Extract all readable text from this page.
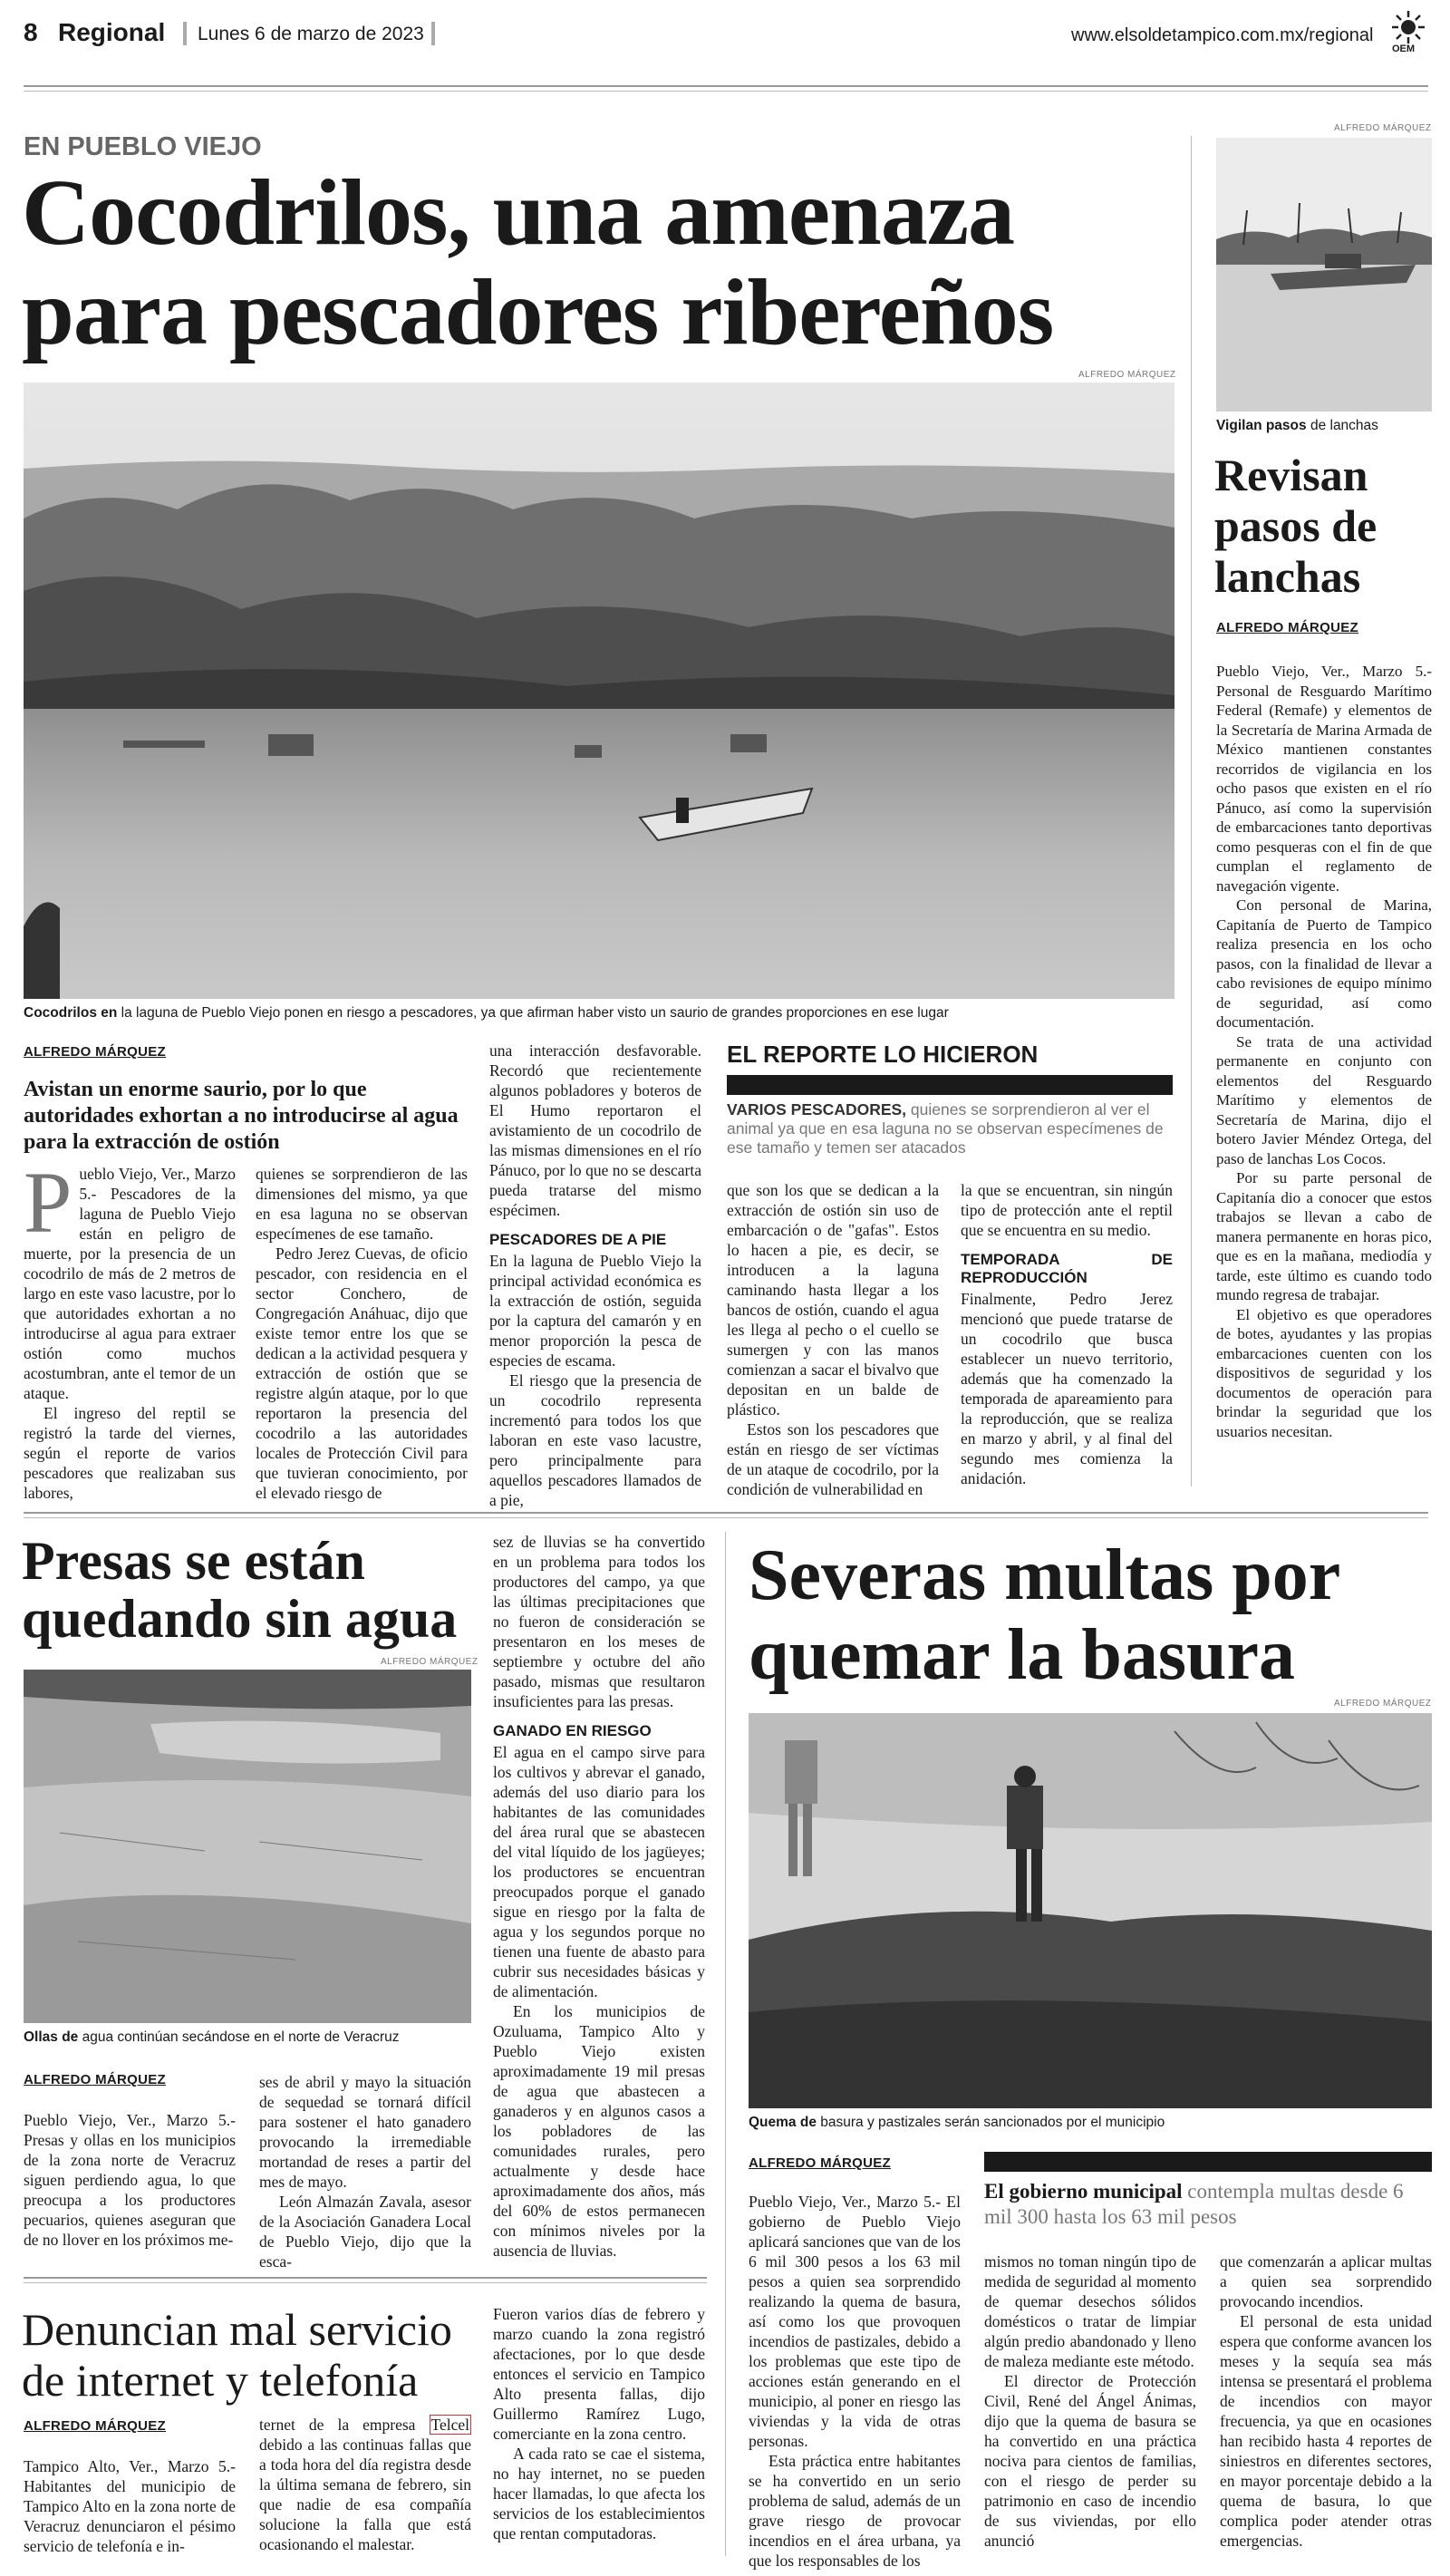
8 Regional Lunes 6 de marzo de 2023	www.elsoldetampico.com.mx/regional
OEM
EN PUEBLO VIEJO
Cocodrilos, una amenaza
para pescadores ribereños
ALFREDO MÁRQUEZ
Cocodrilos en la laguna de Pueblo Viejo ponen en riesgo a pescadores, ya que afirman haber visto un saurio de grandes proporciones en ese lugar
ALFREDO MÁRQUEZ
Avistan un enorme saurio, por lo que autoridades exhortan a no introducirse al agua para la extracción de ostión

Pueblo Viejo, Ver., Marzo 5.- Pescadores de la laguna de Pueblo Viejo están en peligro de muerte, por la presencia de un cocodrilo de más de 2 metros de largo en este vaso lacustre, por lo que autoridades exhortan a no introducirse al agua para extraer ostión como muchos acostumbran, ante el temor de un ataque.

El ingreso del reptil se registró la tarde del viernes, según el reporte de varios pescadores que realizaban sus labores,

quienes se sorprendieron de las dimensiones del mismo, ya que en esa laguna no se observan especímenes de ese tamaño.

Pedro Jerez Cuevas, de oficio pescador, con residencia en el sector Conchero, de Congregación Anáhuac, dijo que existe temor entre los que se dedican a la actividad pesquera y extracción de ostión que se registre algún ataque, por lo que reportaron la presencia del cocodrilo a las autoridades locales de Protección Civil para que tuvieran conocimiento, por el elevado riesgo de

una interacción desfavorable. Recordó que recientemente algunos pobladores y boteros de El Humo reportaron el avistamiento de un cocodrilo de las mismas dimensiones en el río Pánuco, por lo que no se descarta pueda tratarse del mismo espécimen.

PESCADORES DE A PIE

En la laguna de Pueblo Viejo la principal actividad económica es la extracción de ostión, seguida por la captura del camarón y en menor proporción la pesca de especies de escama.

El riesgo que la presencia de un cocodrilo representa incrementó para todos los que laboran en este vaso lacustre, pero principalmente para aquellos pescadores llamados de a pie,

EL REPORTE LO HICIERON
VARIOS PESCADORES, quienes se sorprendieron al ver el animal ya que en esa laguna no se observan especímenes de ese tamaño y temen ser atacados

que son los que se dedican a la extracción de ostión sin uso de embarcación o de "gafas". Estos lo hacen a pie, es decir, se introducen a la laguna caminando hasta llegar a los bancos de ostión, cuando el agua les llega al pecho o el cuello se sumergen y con las manos comienzan a sacar el bivalvo que depositan en un balde de plástico.

Estos son los pescadores que están en riesgo de ser víctimas de un ataque de cocodrilo, por la condición de vulnerabilidad en

la que se encuentran, sin ningún tipo de protección ante el reptil que se encuentra en su medio.

TEMPORADA DE REPRODUCCIÓN

Finalmente, Pedro Jerez mencionó que puede tratarse de un cocodrilo que busca establecer un nuevo territorio, además que ha comenzado la temporada de apareamiento para la reproducción, que se realiza en marzo y abril, y al final del segundo mes comienza la anidación.

ALFREDO MÁRQUEZ
Vigilan pasos de lanchas
Revisan pasos de lanchas
ALFREDO MÁRQUEZ

Pueblo Viejo, Ver., Marzo 5.- Personal de Resguardo Marítimo Federal (Remafe) y elementos de la Secretaría de Marina Armada de México mantienen constantes recorridos de vigilancia en los ocho pasos que existen en el río Pánuco, así como la supervisión de embarcaciones tanto deportivas como pesqueras con el fin de que cumplan el reglamento de navegación vigente.

Con personal de Marina, Capitanía de Puerto de Tampico realiza presencia en los ocho pasos, con la finalidad de llevar a cabo revisiones de equipo mínimo de seguridad, así como documentación.

Se trata de una actividad permanente en conjunto con elementos del Resguardo Marítimo y elementos de Secretaría de Marina, dijo el botero Javier Méndez Ortega, del paso de lanchas Los Cocos.

Por su parte personal de Capitanía dio a conocer que estos trabajos se llevan a cabo de manera permanente en horas pico, que es en la mañana, mediodía y tarde, este último es cuando todo mundo regresa de trabajar.

El objetivo es que operadores de botes, ayudantes y las propias embarcaciones cuenten con los dispositivos de seguridad y los documentos de operación para brindar la seguridad que los usuarios necesitan.

Presas se están quedando sin agua
ALFREDO MÁRQUEZ
Ollas de agua continúan secándose en el norte de Veracruz
ALFREDO MÁRQUEZ

Pueblo Viejo, Ver., Marzo 5.- Presas y ollas en los municipios de la zona norte de Veracruz siguen perdiendo agua, lo que preocupa a los productores pecuarios, quienes aseguran que de no llover en los próximos me-

ses de abril y mayo la situación de sequedad se tornará difícil para sostener el hato ganadero provocando la irremediable mortandad de reses a partir del mes de mayo.

León Almazán Zavala, asesor de la Asociación Ganadera Local de Pueblo Viejo, dijo que la esca-

sez de lluvias se ha convertido en un problema para todos los productores del campo, ya que las últimas precipitaciones que no fueron de consideración se presentaron en los meses de septiembre y octubre del año pasado, mismas que resultaron insuficientes para las presas.

GANADO EN RIESGO

El agua en el campo sirve para los cultivos y abrevar el ganado, además del uso diario para los habitantes de las comunidades del área rural que se abastecen del vital líquido de los jagüeyes; los productores se encuentran preocupados porque el ganado sigue en riesgo por la falta de agua y los segundos porque no tienen una fuente de abasto para cubrir sus necesidades básicas y de alimentación.

En los municipios de Ozuluama, Tampico Alto y Pueblo Viejo existen aproximadamente 19 mil presas de agua que abastecen a ganaderos y en algunos casos a los pobladores de las comunidades rurales, pero actualmente y desde hace aproximadamente dos años, más del 60% de estos permanecen con mínimos niveles por la ausencia de lluvias.

Denuncian mal servicio de internet y telefonía
ALFREDO MÁRQUEZ

Tampico Alto, Ver., Marzo 5.- Habitantes del municipio de Tampico Alto en la zona norte de Veracruz denunciaron el pésimo servicio de telefonía e in-

ternet de la empresa Telcel debido a las continuas fallas que a toda hora del día registra desde la última semana de febrero, sin que nadie de esa compañía solucione la falla que está ocasionando el malestar.

Fueron varios días de febrero y marzo cuando la zona registró afectaciones, por lo que desde entonces el servicio en Tampico Alto presenta fallas, dijo Guillermo Ramírez Lugo, comerciante en la zona centro.

A cada rato se cae el sistema, no hay internet, no se pueden hacer llamadas, lo que afecta los servicios de los establecimientos que rentan computadoras.

Severas multas por quemar la basura
ALFREDO MÁRQUEZ
Quema de basura y pastizales serán sancionados por el municipio
ALFREDO MÁRQUEZ
El gobierno municipal contempla multas desde 6 mil 300 hasta los 63 mil pesos

Pueblo Viejo, Ver., Marzo 5.- El gobierno de Pueblo Viejo aplicará sanciones que van de los 6 mil 300 pesos a los 63 mil pesos a quien sea sorprendido realizando la quema de basura, así como los que provoquen incendios de pastizales, debido a los problemas que este tipo de acciones están generando en el municipio, al poner en riesgo las viviendas y la vida de otras personas.

Esta práctica entre habitantes se ha convertido en un serio problema de salud, además de un grave riesgo de provocar incendios en el área urbana, ya que los responsables de los

mismos no toman ningún tipo de medida de seguridad al momento de quemar desechos sólidos domésticos o tratar de limpiar algún predio abandonado y lleno de maleza mediante este método.

El director de Protección Civil, René del Ángel Ánimas, dijo que la quema de basura se ha convertido en una práctica nociva para cientos de familias, con el riesgo de perder su patrimonio en caso de incendio de sus viviendas, por ello anunció

que comenzarán a aplicar multas a quien sea sorprendido provocando incendios.

El personal de esta unidad espera que conforme avancen los meses y la sequía sea más intensa se presentará el problema de incendios con mayor frecuencia, ya que en ocasiones han recibido hasta 4 reportes de siniestros en diferentes sectores, en mayor porcentaje debido a la quema de basura, lo que complica poder atender otras emergencias.
